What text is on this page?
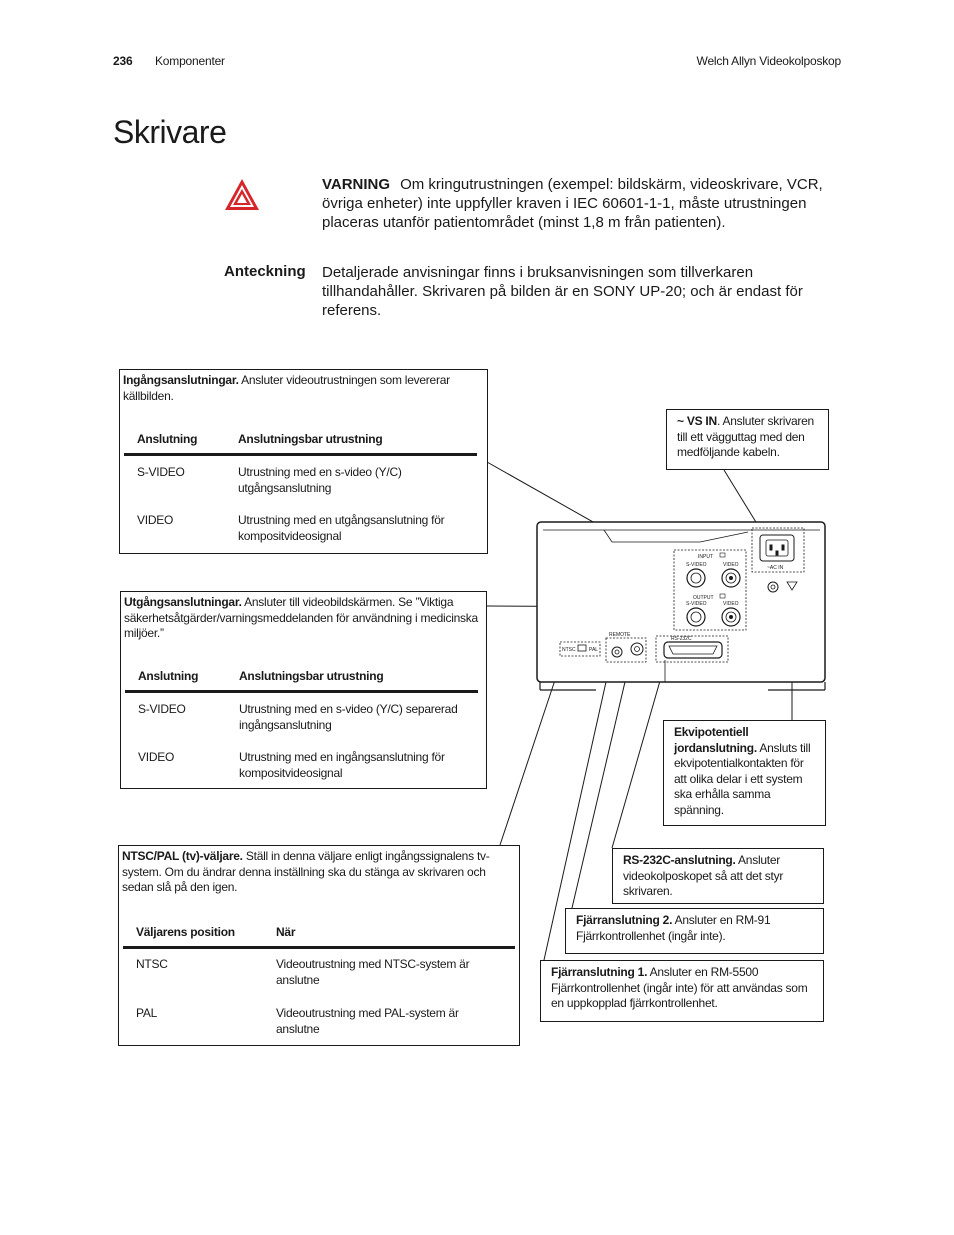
236 Komponenter	Welch Allyn Videokolposkop
Skrivare
VARNING Om kringutrustningen (exempel: bildskärm, videoskrivare, VCR, övriga enheter) inte uppfyller kraven i IEC 60601-1-1, måste utrustningen placeras utanför patientområdet (minst 1,8 m från patienten).
Anteckning Detaljerade anvisningar finns i bruksanvisningen som tillverkaren tillhandahåller. Skrivaren på bilden är en SONY UP-20; och är endast för referens.
INPUT
S-VIDEO	VIDEO
OUTPUT
S-VIDEO	VIDEO
~AC IN
REMOTE
NTSC	PAL
RS-232C
Ingångsanslutningar. Ansluter videoutrustningen som levererar källbilden.
Anslutning	Anslutningsbar utrustning
S-VIDEO	Utrustning med en s-video (Y/C) utgångsanslutning
VIDEO	Utrustning med en utgångsanslutning för kompositvideosignal
Utgångsanslutningar. Ansluter till videobildskärmen. Se ”Viktiga säkerhetsåtgärder/varningsmeddelanden för användning i medicinska miljöer.”
Anslutning	Anslutningsbar utrustning
S-VIDEO	Utrustning med en s-video (Y/C) separerad ingångsanslutning
VIDEO	Utrustning med en ingångsanslutning för kompositvideosignal
NTSC/PAL (tv)-väljare. Ställ in denna väljare enligt ingångssignalens tv-system. Om du ändrar denna inställning ska du stänga av skrivaren och sedan slå på den igen.
Väljarens position	När
NTSC	Videoutrustning med NTSC-system är anslutne
PAL	Videoutrustning med PAL-system är anslutne
~ VS IN. Ansluter skrivaren till ett vägguttag med den medföljande kabeln.
Ekvipotentiell jordanslutning. Ansluts till ekvipotentialkontakten för att olika delar i ett system ska erhålla samma spänning.
RS-232C-anslutning. Ansluter videokolposkopet så att det styr skrivaren.
Fjärranslutning 2. Ansluter en RM-91 Fjärrkontrollenhet (ingår inte).
Fjärranslutning 1. Ansluter en RM-5500 Fjärrkontrollenhet (ingår inte) för att användas som en uppkopplad fjärrkontrollenhet.
